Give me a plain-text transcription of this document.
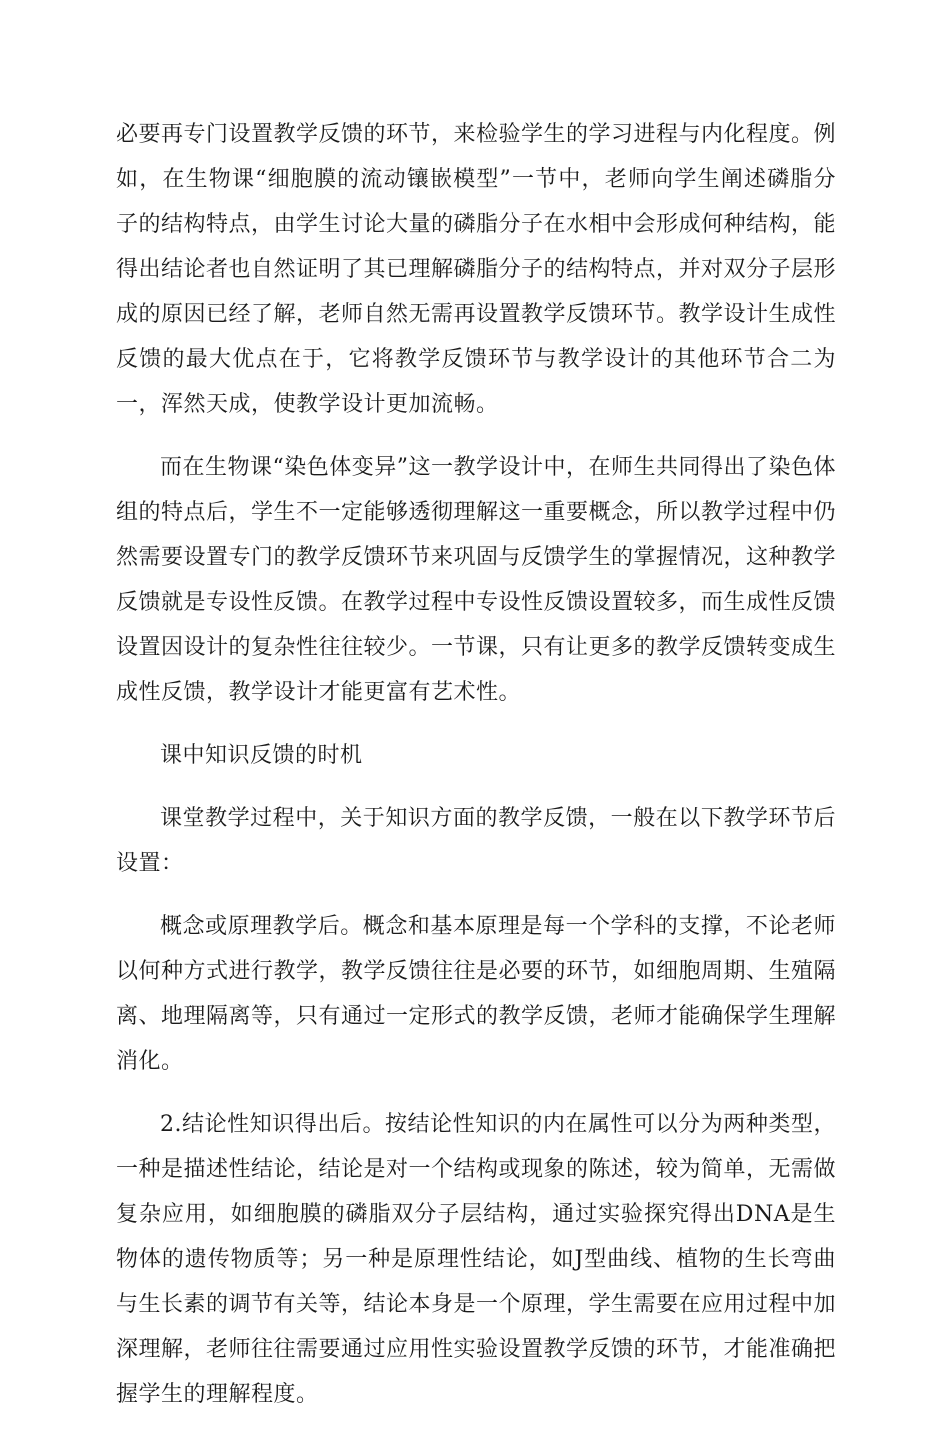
必要再专门设置教学反馈的环节，来检验学生的学习进程与内化程度。例如，在生物课“细胞膜的流动镶嵌模型”一节中，老师向学生阐述磷脂分子的结构特点，由学生讨论大量的磷脂分子在水相中会形成何种结构，能得出结论者也自然证明了其已理解磷脂分子的结构特点，并对双分子层形成的原因已经了解，老师自然无需再设置教学反馈环节。教学设计生成性反馈的最大优点在于，它将教学反馈环节与教学设计的其他环节合二为一，浑然天成，使教学设计更加流畅。

而在生物课“染色体变异”这一教学设计中，在师生共同得出了染色体组的特点后，学生不一定能够透彻理解这一重要概念，所以教学过程中仍然需要设置专门的教学反馈环节来巩固与反馈学生的掌握情况，这种教学反馈就是专设性反馈。在教学过程中专设性反馈设置较多，而生成性反馈设置因设计的复杂性往往较少。一节课，只有让更多的教学反馈转变成生成性反馈，教学设计才能更富有艺术性。

课中知识反馈的时机

课堂教学过程中，关于知识方面的教学反馈，一般在以下教学环节后设置：

概念或原理教学后。概念和基本原理是每一个学科的支撑，不论老师以何种方式进行教学，教学反馈往往是必要的环节，如细胞周期、生殖隔离、地理隔离等，只有通过一定形式的教学反馈，老师才能确保学生理解消化。

2.结论性知识得出后。按结论性知识的内在属性可以分为两种类型，一种是描述性结论，结论是对一个结构或现象的陈述，较为简单，无需做复杂应用，如细胞膜的磷脂双分子层结构，通过实验探究得出DNA是生物体的遗传物质等；另一种是原理性结论，如J型曲线、植物的生长弯曲与生长素的调节有关等，结论本身是一个原理，学生需要在应用过程中加深理解，老师往往需要通过应用性实验设置教学反馈的环节，才能准确把握学生的理解程度。
